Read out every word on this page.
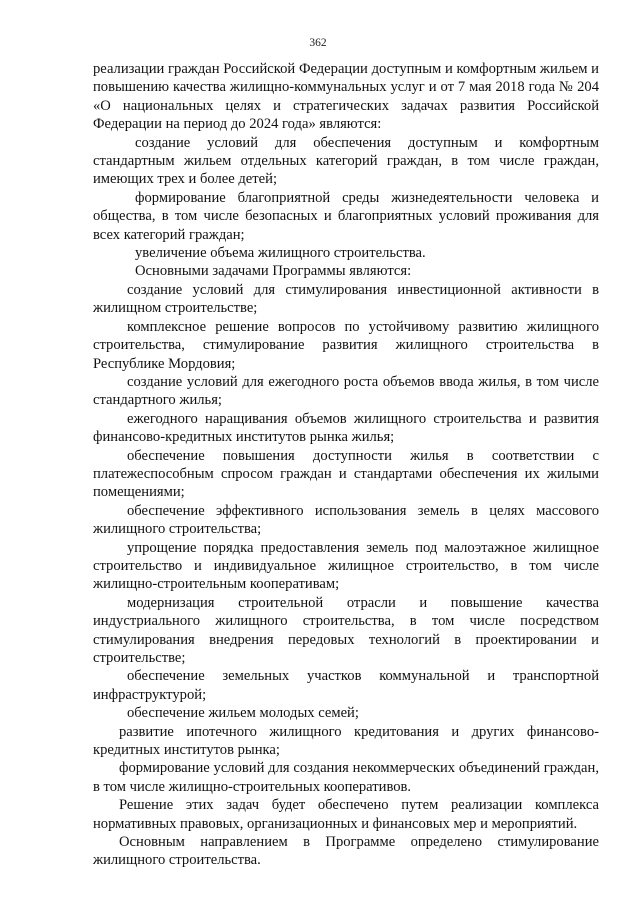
362

реализации граждан Российской Федерации доступным и комфортным жильем и повышению качества жилищно-коммунальных услуг и от 7 мая 2018 года № 204 «О национальных целях и стратегических задачах развития Российской Федерации на период до 2024 года» являются:

создание условий для обеспечения доступным и комфортным стандартным жильем отдельных категорий граждан, в том числе граждан, имеющих трех и более детей;

формирование благоприятной среды жизнедеятельности человека и общества, в том числе безопасных и благоприятных условий проживания для всех категорий граждан;

увеличение объема жилищного строительства.

Основными задачами Программы являются:

создание условий для стимулирования инвестиционной активности в жилищном строительстве;

комплексное решение вопросов по устойчивому развитию жилищного строительства, стимулирование развития жилищного строительства в Республике Мордовия;

создание условий для ежегодного роста объемов ввода жилья, в том числе стандартного жилья;

ежегодного наращивания объемов жилищного строительства и развития финансово-кредитных институтов рынка жилья;

обеспечение повышения доступности жилья в соответствии с платежеспособным спросом граждан и стандартами обеспечения их жилыми помещениями;

обеспечение эффективного использования земель в целях массового жилищного строительства;

упрощение порядка предоставления земель под малоэтажное жилищное строительство и индивидуальное жилищное строительство, в том числе жилищно-строительным кооперативам;

модернизация строительной отрасли и повышение качества индустриального жилищного строительства, в том числе посредством стимулирования внедрения передовых технологий в проектировании и строительстве;

обеспечение земельных участков коммунальной и транспортной инфраструктурой;

обеспечение жильем молодых семей;

развитие ипотечного жилищного кредитования и других финансово-кредитных институтов рынка;

формирование условий для создания некоммерческих объединений граждан, в том числе жилищно-строительных кооперативов.

Решение этих задач будет обеспечено путем реализации комплекса нормативных правовых, организационных и финансовых мер и мероприятий.

Основным направлением в Программе определено стимулирование жилищного строительства.
